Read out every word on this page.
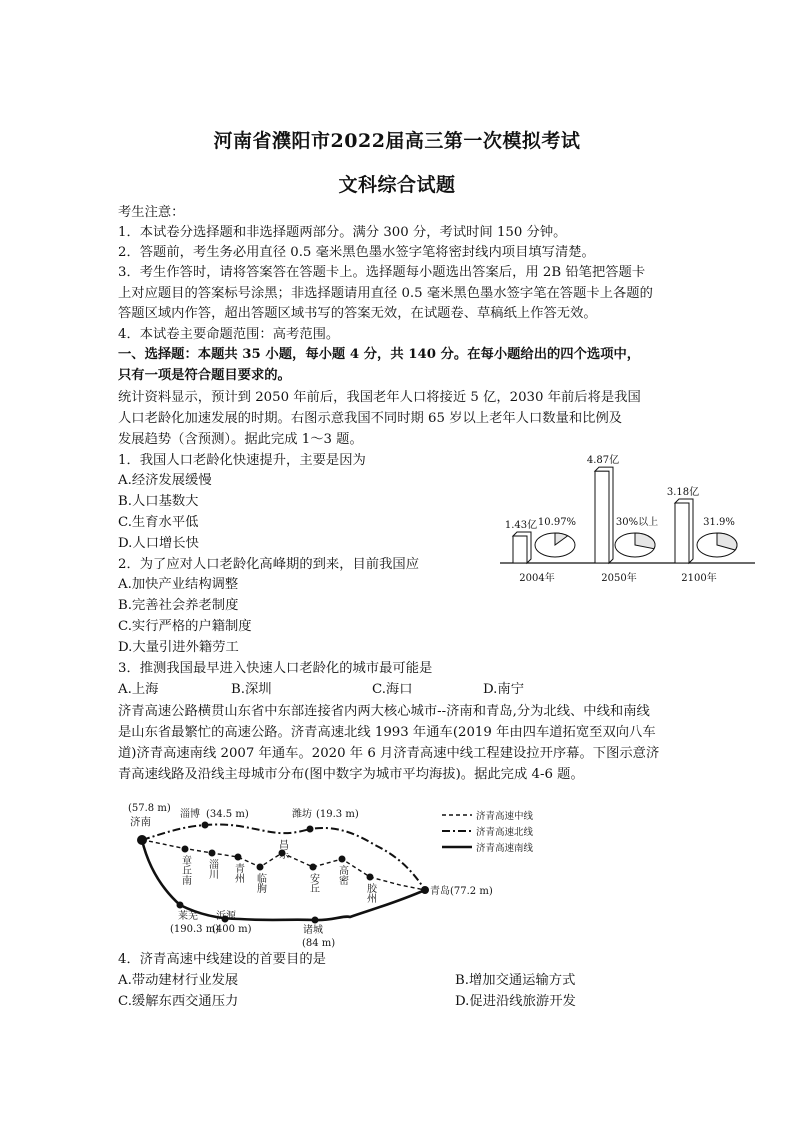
河南省濮阳市2022届高三第一次模拟考试
文科综合试题
考生注意：
1．本试卷分选择题和非选择题两部分。满分 300 分，考试时间 150 分钟。
2．答题前，考生务必用直径 0.5 毫米黑色墨水签字笔将密封线内项目填写清楚。
3．考生作答时，请将答案答在答题卡上。选择题每小题选出答案后，用 2B 铅笔把答题卡
上对应题目的答案标号涂黑；非选择题请用直径 0.5 毫米黑色墨水签字笔在答题卡上各题的
答题区域内作答，超出答题区域书写的答案无效，在试题卷、草稿纸上作答无效。
4．本试卷主要命题范围：高考范围。
一、选择题：本题共 35 小题，每小题 4 分，共 140 分。在每小题给出的四个选项中，
只有一项是符合题目要求的。
统计资料显示，预计到 2050 年前后，我国老年人口将接近 5 亿，2030 年前后将是我国
人口老龄化加速发展的时期。右图示意我国不同时期 65 岁以上老年人口数量和比例及
发展趋势（含预测）。据此完成 1～3 题。
1．我国人口老龄化快速提升，主要是因为
A.经济发展缓慢
B.人口基数大
C.生育水平低
D.人口增长快
2．为了应对人口老龄化高峰期的到来，目前我国应
A.加快产业结构调整
B.完善社会养老制度
C.实行严格的户籍制度
D.大量引进外籍劳工
3．推测我国最早进入快速人口老龄化的城市最可能是
A.上海	B.深圳	C.海口	D.南宁
济青高速公路横贯山东省中东部连接省内两大核心城市--济南和青岛,分为北线、中线和南线
是山东省最繁忙的高速公路。济青高速北线 1993 年通车(2019 年由四车道拓宽至双向八车
道)济青高速南线 2007 年通车。2020 年 6 月济青高速中线工程建设拉开序幕。下图示意济
青高速线路及沿线主母城市分布(图中数字为城市平均海拔)。据此完成 4-6 题。
4．济青高速中线建设的首要目的是
A.带动建材行业发展	B.增加交通运输方式
C.缓解东西交通压力	D.促进沿线旅游开发
1.43亿
2004年
4.87亿
2050年
3.18亿
2100年
10.97%	30%以上	31.9%
(57.8 m)
济南
淄博 (34.5 m)	潍坊 (19.3 m)
章丘南 淄川 青州 临朐
昌乐
安丘 高密
胶州	青岛(77.2 m)
莱芜
(190.3 m)
沂源
(400 m)	诸城
(84 m)
济青高速中线
济青高速北线
济青高速南线
